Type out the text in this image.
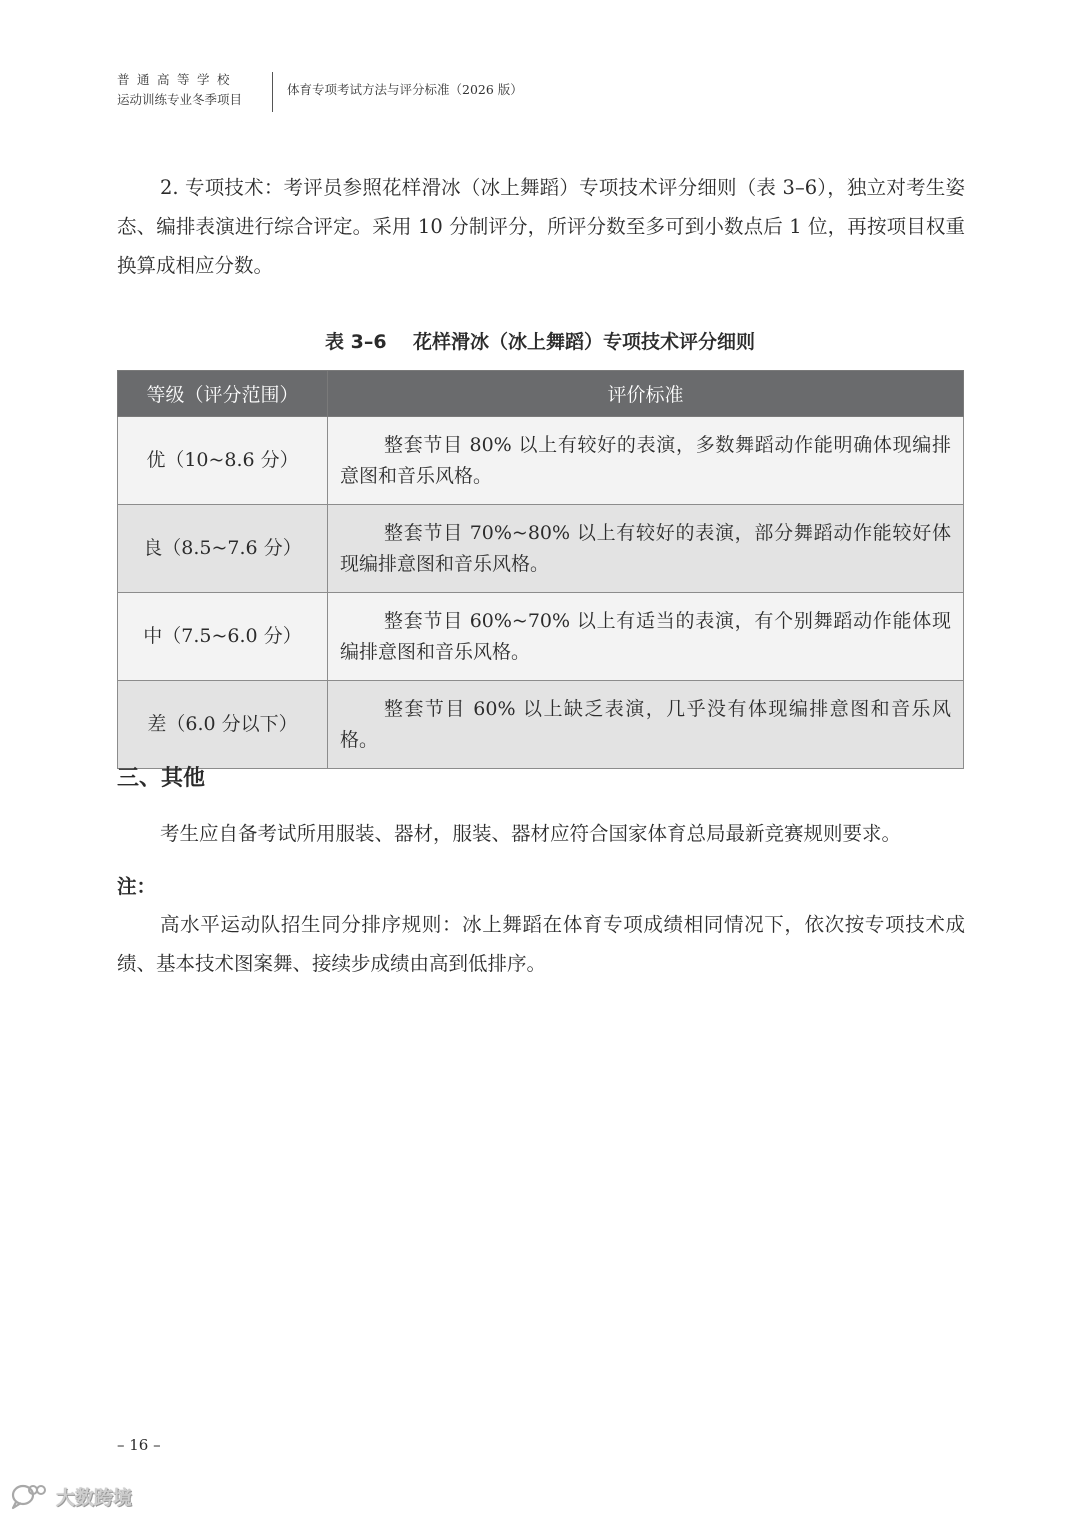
普通高等学校
运动训练专业冬季项目
体育专项考试方法与评分标准（2026 版）

2. 专项技术：考评员参照花样滑冰（冰上舞蹈）专项技术评分细则（表 3–6），独立对考生姿态、编排表演进行综合评定。采用 10 分制评分，所评分数至多可到小数点后 1 位，再按项目权重换算成相应分数。

表 3–6    花样滑冰（冰上舞蹈）专项技术评分细则
等级（评分范围）	评价标准
优（10~8.6 分）	整套节目 80% 以上有较好的表演，多数舞蹈动作能明确体现编排意图和音乐风格。
良（8.5~7.6 分）	整套节目 70%~80% 以上有较好的表演，部分舞蹈动作能较好体现编排意图和音乐风格。
中（7.5~6.0 分）	整套节目 60%~70% 以上有适当的表演，有个别舞蹈动作能体现编排意图和音乐风格。
差（6.0 分以下）	整套节目 60% 以上缺乏表演，几乎没有体现编排意图和音乐风格。
三、其他

考生应自备考试所用服装、器材，服装、器材应符合国家体育总局最新竞赛规则要求。

注：

高水平运动队招生同分排序规则：冰上舞蹈在体育专项成绩相同情况下，依次按专项技术成绩、基本技术图案舞、接续步成绩由高到低排序。

– 16 –
大数跨境
